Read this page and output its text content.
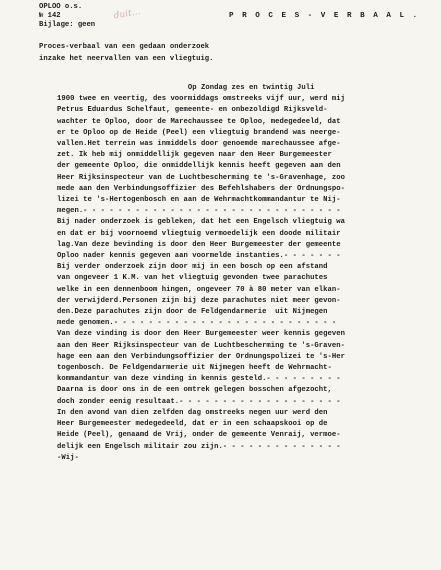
OPLOO o.s.
№ 142
Bijlage: geen
duit...	P R O C E S - V E R B A A L .
Proces-verbaal van een gedaan onderzoek
inzake het neervallen van een vliegtuig.
Op Zondag zes en twintig Juli
1900 twee en veertig, des voormiddags omstreeks vijf uur, werd mij
Petrus Eduardus Schelfaut, gemeente- en onbezoldigd Rijksveld-
wachter te Oploo, door de Marechaussee te Oploo, medegedeeld, dat
er te Oploo op de Heide (Peel) een vliegtuig brandend was neerge-
vallen.Het terrein was inmiddels door genoemde marechaussee afge-
zet. Ik heb mij onmiddellijk gegeven naar den Heer Burgemeester
der gemeente Oploo, die onmiddellijk kennis heeft gegeven aan den
Heer Rijksinspecteur van de Luchtbescherming te 's-Gravenhage, zoo
mede aan den Verbindungsoffizier des Befehlshabers der Ordnungspo-
lizei te 's-Hertogenbosch en aan de Wehrmachtkommandantur te Nij-
megen.- - - - - - - - - - - - - - - - - - - - - - - - - - - - - -
Bij nader onderzoek is gebleken, dat het een Engelsch vliegtuig wa
en dat er bij voornoemd vliegtuig vermoedelijk een doode militair
lag.Van deze bevinding is door den Heer Burgemeester der gemeente
Oploo nader kennis gegeven aan voormelde instanties.- - - - - - -
Bij verder onderzoek zijn door mij in een bosch op een afstand
van ongeveer 1 K.M. van het vliegtuig gevonden twee parachutes
welke in een dennenboom hingen, ongeveer 70 à 80 meter van elkan-
der verwijderd.Personen zijn bij deze parachutes niet meer gevon-
den.Deze parachutes zijn door de Feldgendarmerie  uit Nijmegen
mede genomen.- - - - - - - - - - - - - - - - - - - - - - - - - -
Van deze vinding is door den Heer Burgemeester weer kennis gegeven
aan den Heer Rijksinspecteur van de Luchtbescherming te 's-Graven-
hage een aan den Verbindungsoffizier der Ordnungspolizei te 's-Her
togenbosch. De Feldgendarmerie uit Nijmegen heeft de Wehrmacht-
kommandantur van deze vinding in kennis gesteld.- - - - - - - - -
Daarna is door ons in de een omtrek gelegen bosschen afgezocht,
doch zonder eenig resultaat.- - - - - - - - - - - - - - - - - - -
In den avond van dien zelfden dag omstreeks negen uur werd den
Heer Burgemeester medegedeeld, dat er in een schaapskooi op de
Heide (Peel), genaamd de Vrij, onder de gemeente Venraij, vermoe-
delijk een Engelsch militair zou zijn.- - - - - - - - - - - - - -
-Wij-
